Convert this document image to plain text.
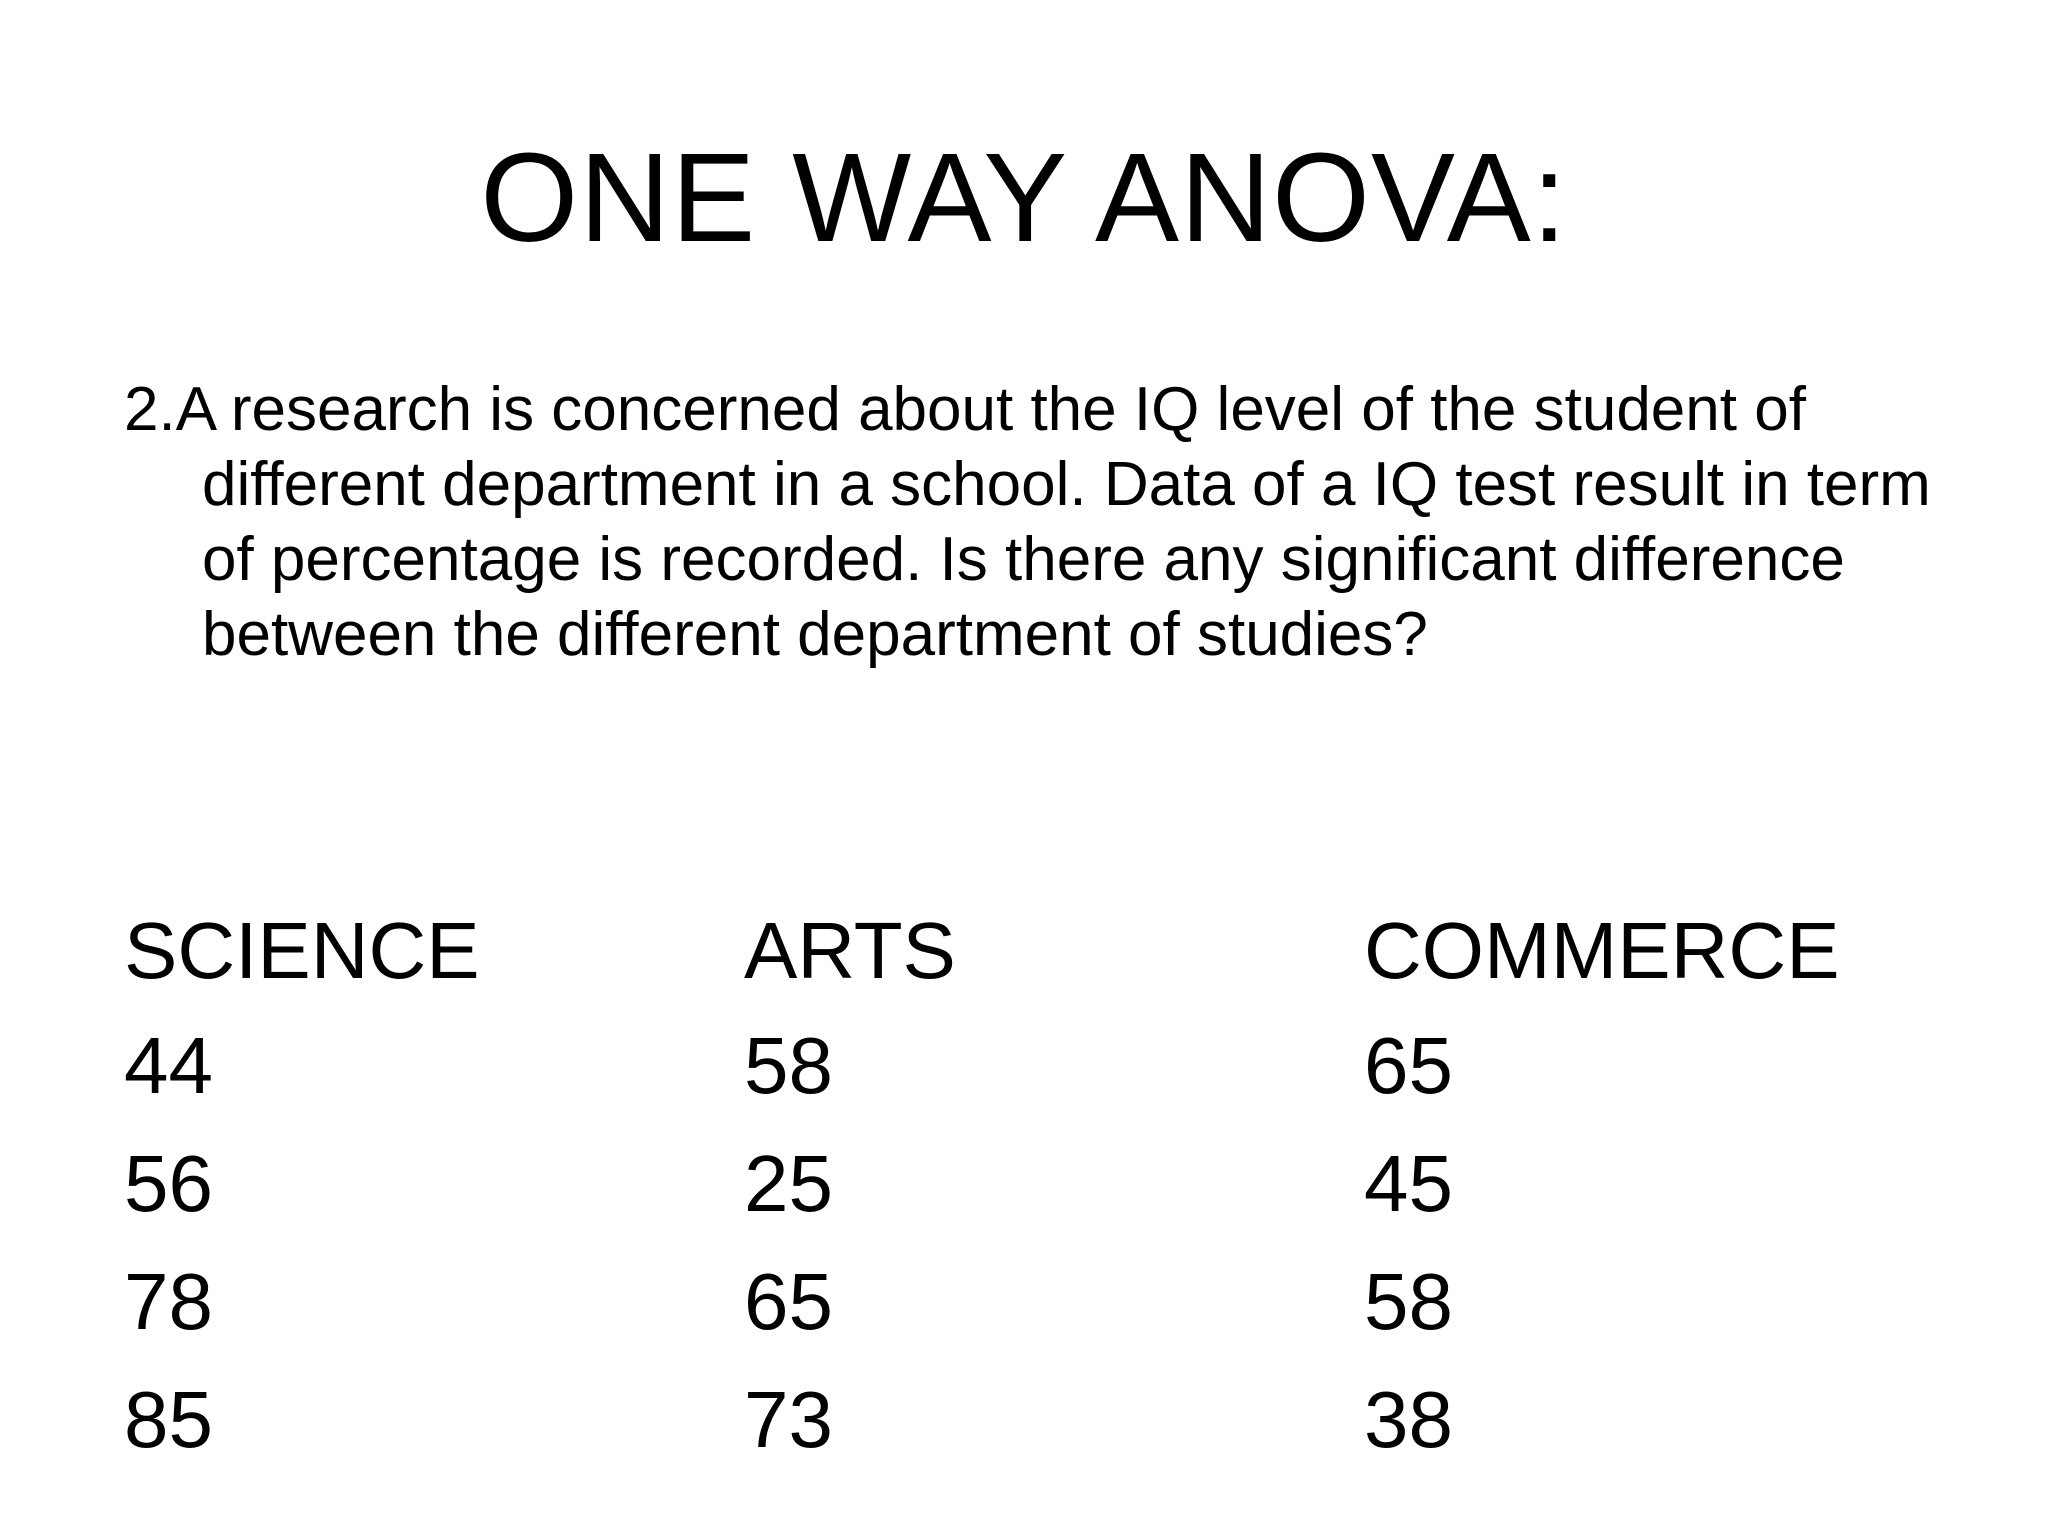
ONE WAY ANOVA:
2.A research is concerned about the IQ level of the student of different department in a school. Data of a IQ test result in term of percentage is recorded. Is there any significant difference between the different department of studies?
SCIENCE	ARTS	COMMERCE
44	58	65
56	25	45
78	65	58
85	73	38
